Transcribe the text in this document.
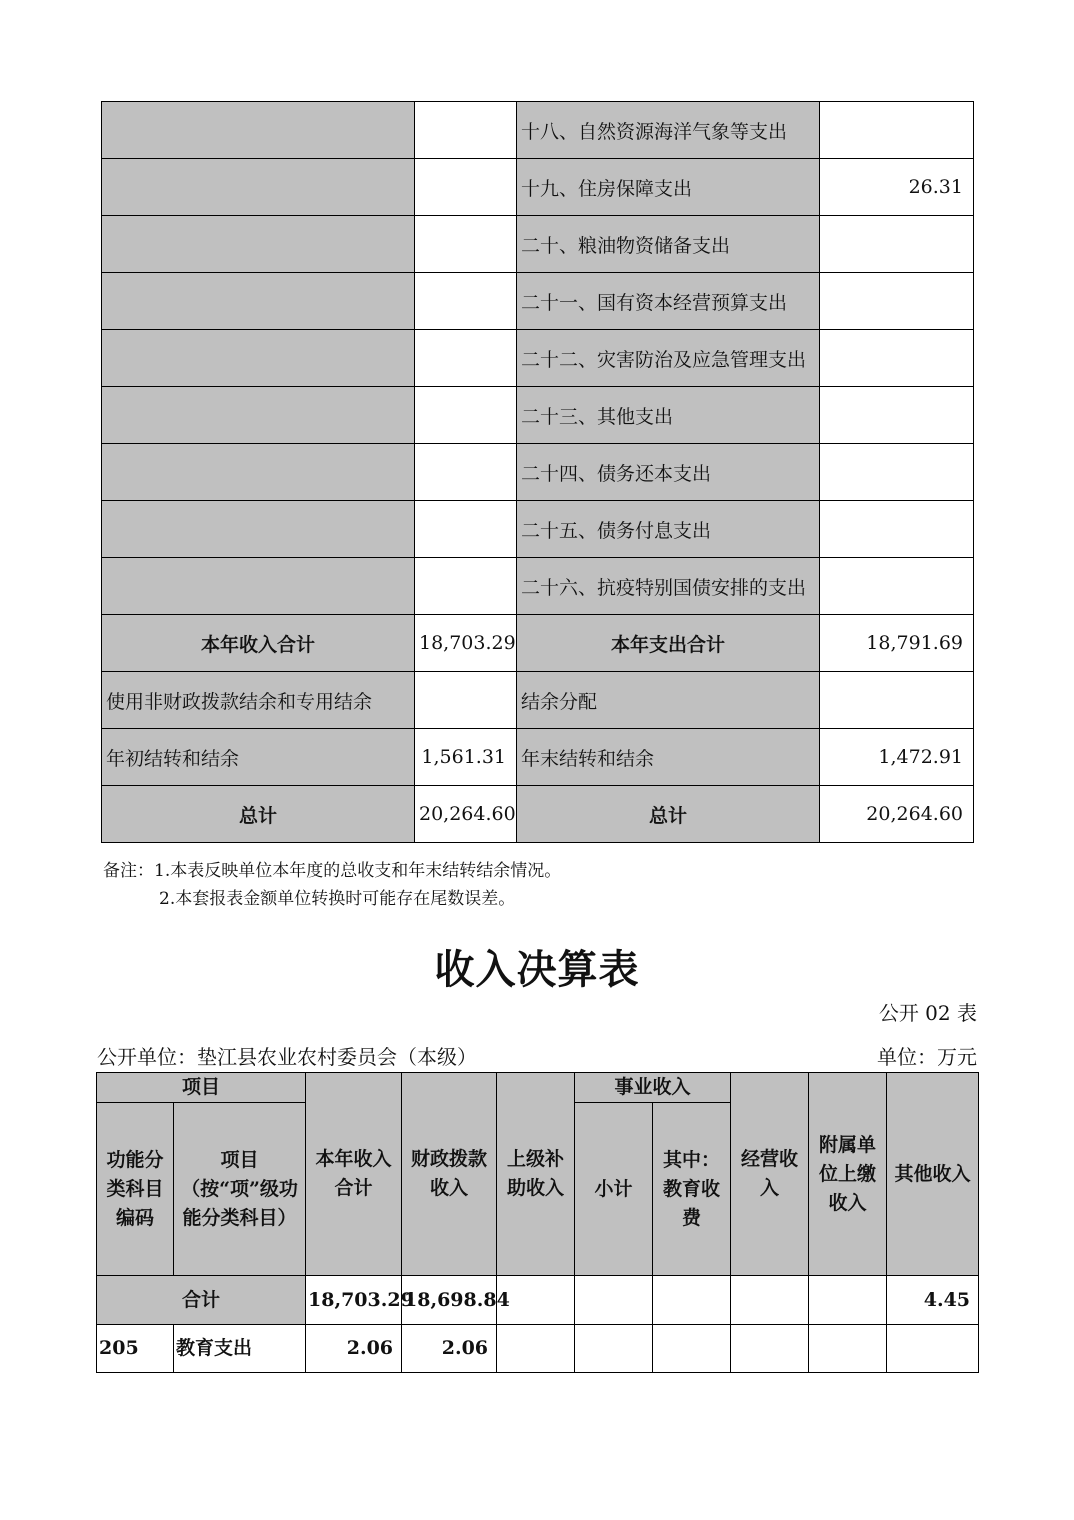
		十八、自然资源海洋气象等支出	
		十九、住房保障支出	26.31
		二十、粮油物资储备支出	
		二十一、国有资本经营预算支出	
		二十二、灾害防治及应急管理支出	
		二十三、其他支出	
		二十四、债务还本支出	
		二十五、债务付息支出	
		二十六、抗疫特别国债安排的支出	
本年收入合计	18,703.29	本年支出合计	18,791.69
使用非财政拨款结余和专用结余		结余分配	
年初结转和结余	1,561.31	年末结转和结余	1,472.91
总计	20,264.60	总计	20,264.60
备注：1.本表反映单位本年度的总收支和年末结转结余情况。
2.本套报表金额单位转换时可能存在尾数误差。
收入决算表
公开 02 表
公开单位：垫江县农业农村委员会（本级）	单位：万元
项目		本年收入合计	财政拨款收入	上级补助收入	事业收入		经营收入	附属单位上缴收入	其他收入
功能分类科目编码	项目（按“项”级功能分类科目）				小计	其中：教育收费			
合计		18,703.29	18,698.84						4.45
205	教育支出	2.06	2.06						
